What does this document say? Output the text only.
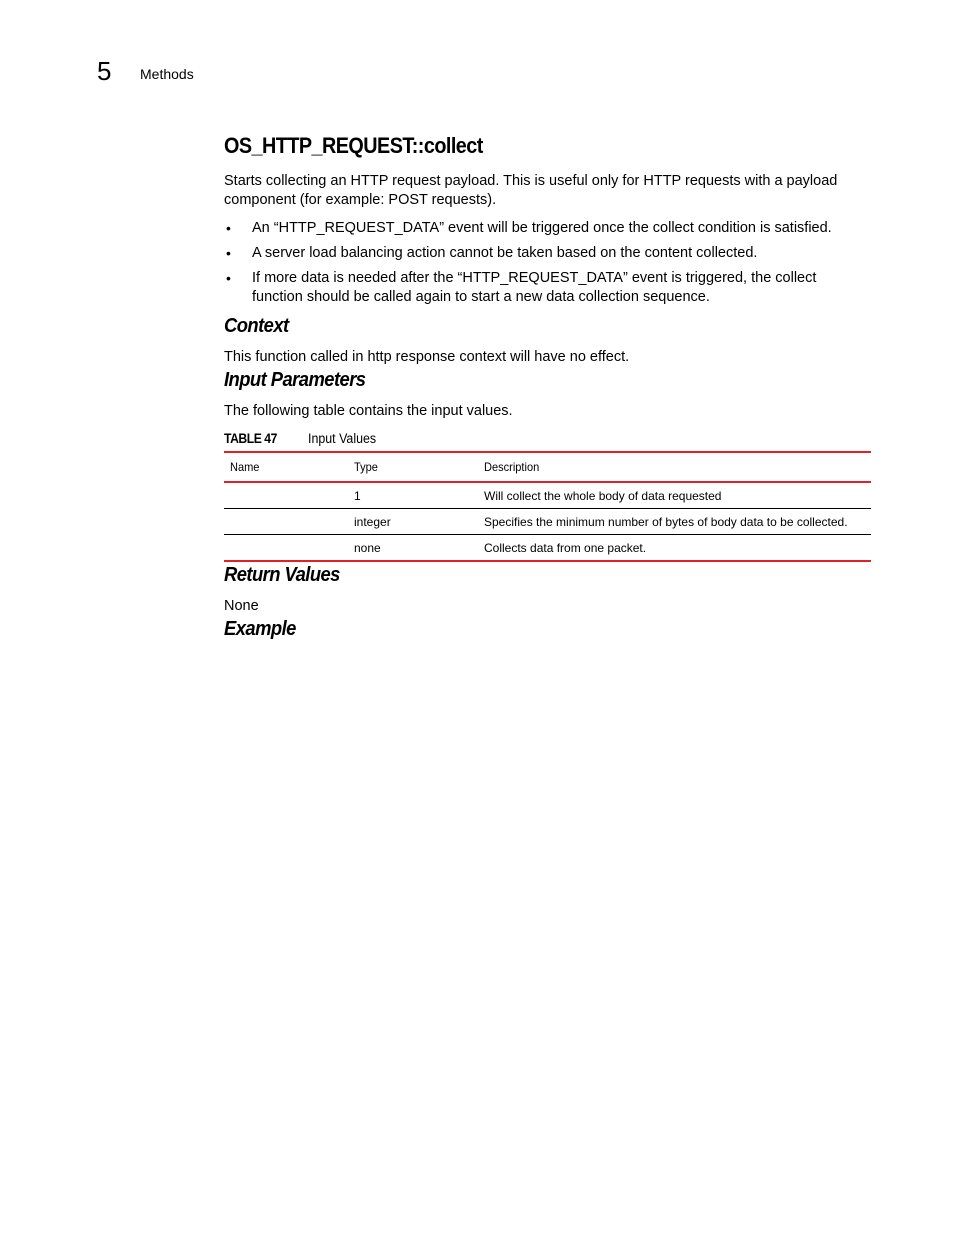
5 Methods
OS_HTTP_REQUEST::collect

Starts collecting an HTTP request payload. This is useful only for HTTP requests with a payload component (for example: POST requests).

• An “HTTP_REQUEST_DATA” event will be triggered once the collect condition is satisfied.
• A server load balancing action cannot be taken based on the content collected.
• If more data is needed after the “HTTP_REQUEST_DATA” event is triggered, the collect function should be called again to start a new data collection sequence.
Context

This function called in http response context will have no effect.

Input Parameters

The following table contains the input values.

TABLE 47 Input Values
Name	Type	Description
	1	Will collect the whole body of data requested
	integer	Specifies the minimum number of bytes of body data to be collected.
	none	Collects data from one packet.
Return Values

None

Example
